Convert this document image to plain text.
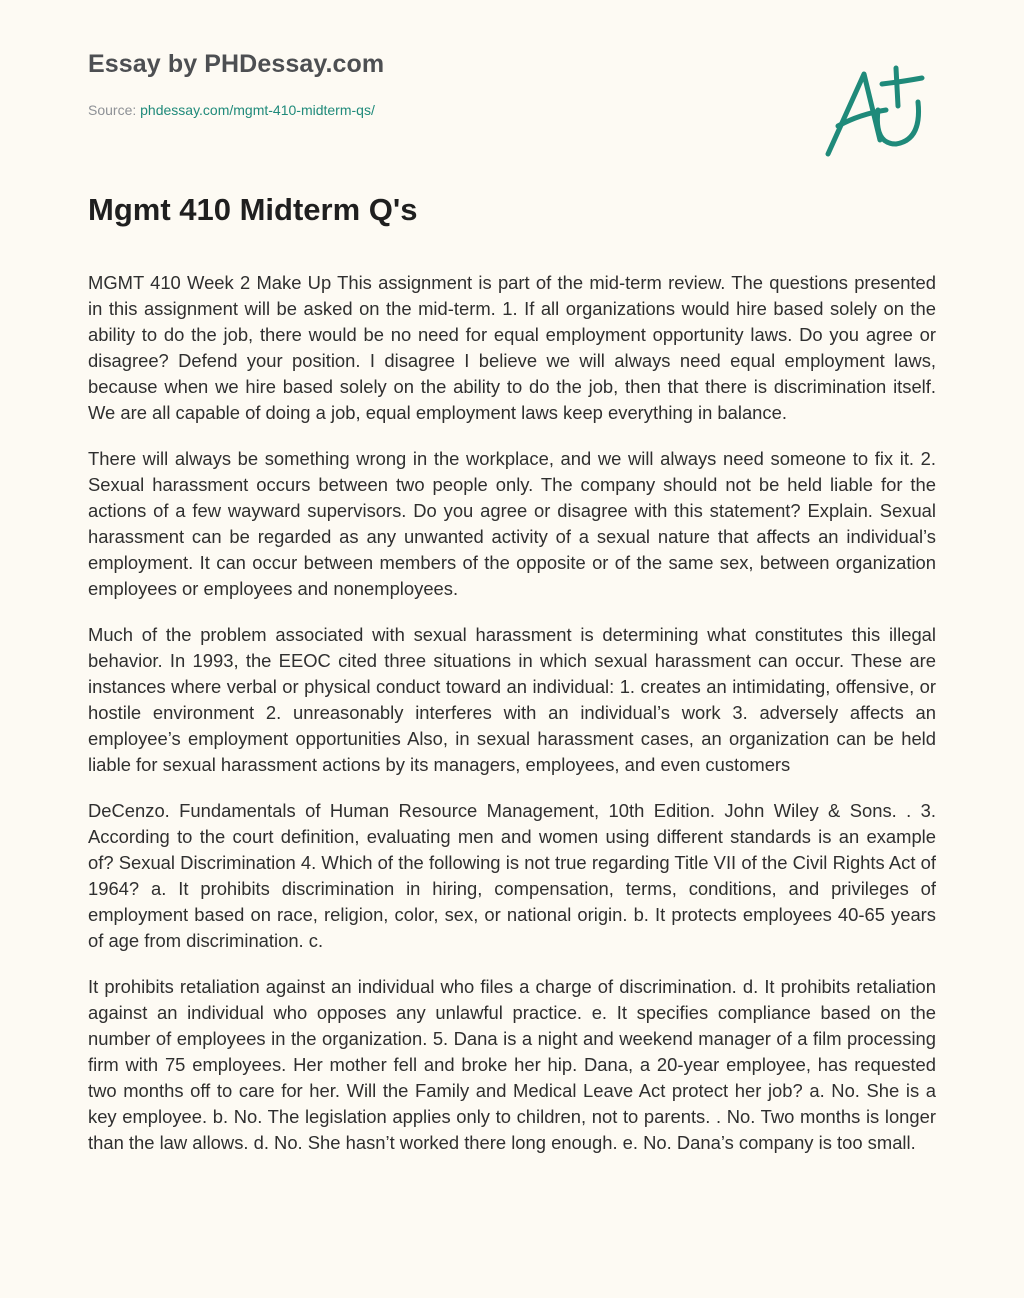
Essay by PHDessay.com
Source: phdessay.com/mgmt-410-midterm-qs/
Mgmt 410 Midterm Q's

MGMT 410 Week 2 Make Up This assignment is part of the mid-term review. The questions presented in this assignment will be asked on the mid-term. 1. If all organizations would hire based solely on the ability to do the job, there would be no need for equal employment opportunity laws. Do you agree or disagree? Defend your position. I disagree I believe we will always need equal employment laws, because when we hire based solely on the ability to do the job, then that there is discrimination itself. We are all capable of doing a job, equal employment laws keep everything in balance.

There will always be something wrong in the workplace, and we will always need someone to fix it. 2. Sexual harassment occurs between two people only. The company should not be held liable for the actions of a few wayward supervisors. Do you agree or disagree with this statement? Explain. Sexual harassment can be regarded as any unwanted activity of a sexual nature that affects an individual’s employment. It can occur between members of the opposite or of the same sex, between organization employees or employees and nonemployees.

Much of the problem associated with sexual harassment is determining what constitutes this illegal behavior. In 1993, the EEOC cited three situations in which sexual harassment can occur. These are instances where verbal or physical conduct toward an individual: 1. creates an intimidating, offensive, or hostile environment 2. unreasonably interferes with an individual’s work 3. adversely affects an employee’s employment opportunities Also, in sexual harassment cases, an organization can be held liable for sexual harassment actions by its managers, employees, and even customers

DeCenzo. Fundamentals of Human Resource Management, 10th Edition. John Wiley & Sons. . 3. According to the court definition, evaluating men and women using different standards is an example of? Sexual Discrimination 4. Which of the following is not true regarding Title VII of the Civil Rights Act of 1964? a. It prohibits discrimination in hiring, compensation, terms, conditions, and privileges of employment based on race, religion, color, sex, or national origin. b. It protects employees 40-65 years of age from discrimination. c.

It prohibits retaliation against an individual who files a charge of discrimination. d. It prohibits retaliation against an individual who opposes any unlawful practice. e. It specifies compliance based on the number of employees in the organization. 5. Dana is a night and weekend manager of a film processing firm with 75 employees. Her mother fell and broke her hip. Dana, a 20-year employee, has requested two months off to care for her. Will the Family and Medical Leave Act protect her job? a. No. She is a key employee. b. No. The legislation applies only to children, not to parents. . No. Two months is longer than the law allows. d. No. She hasn’t worked there long enough. e. No. Dana’s company is too small.
